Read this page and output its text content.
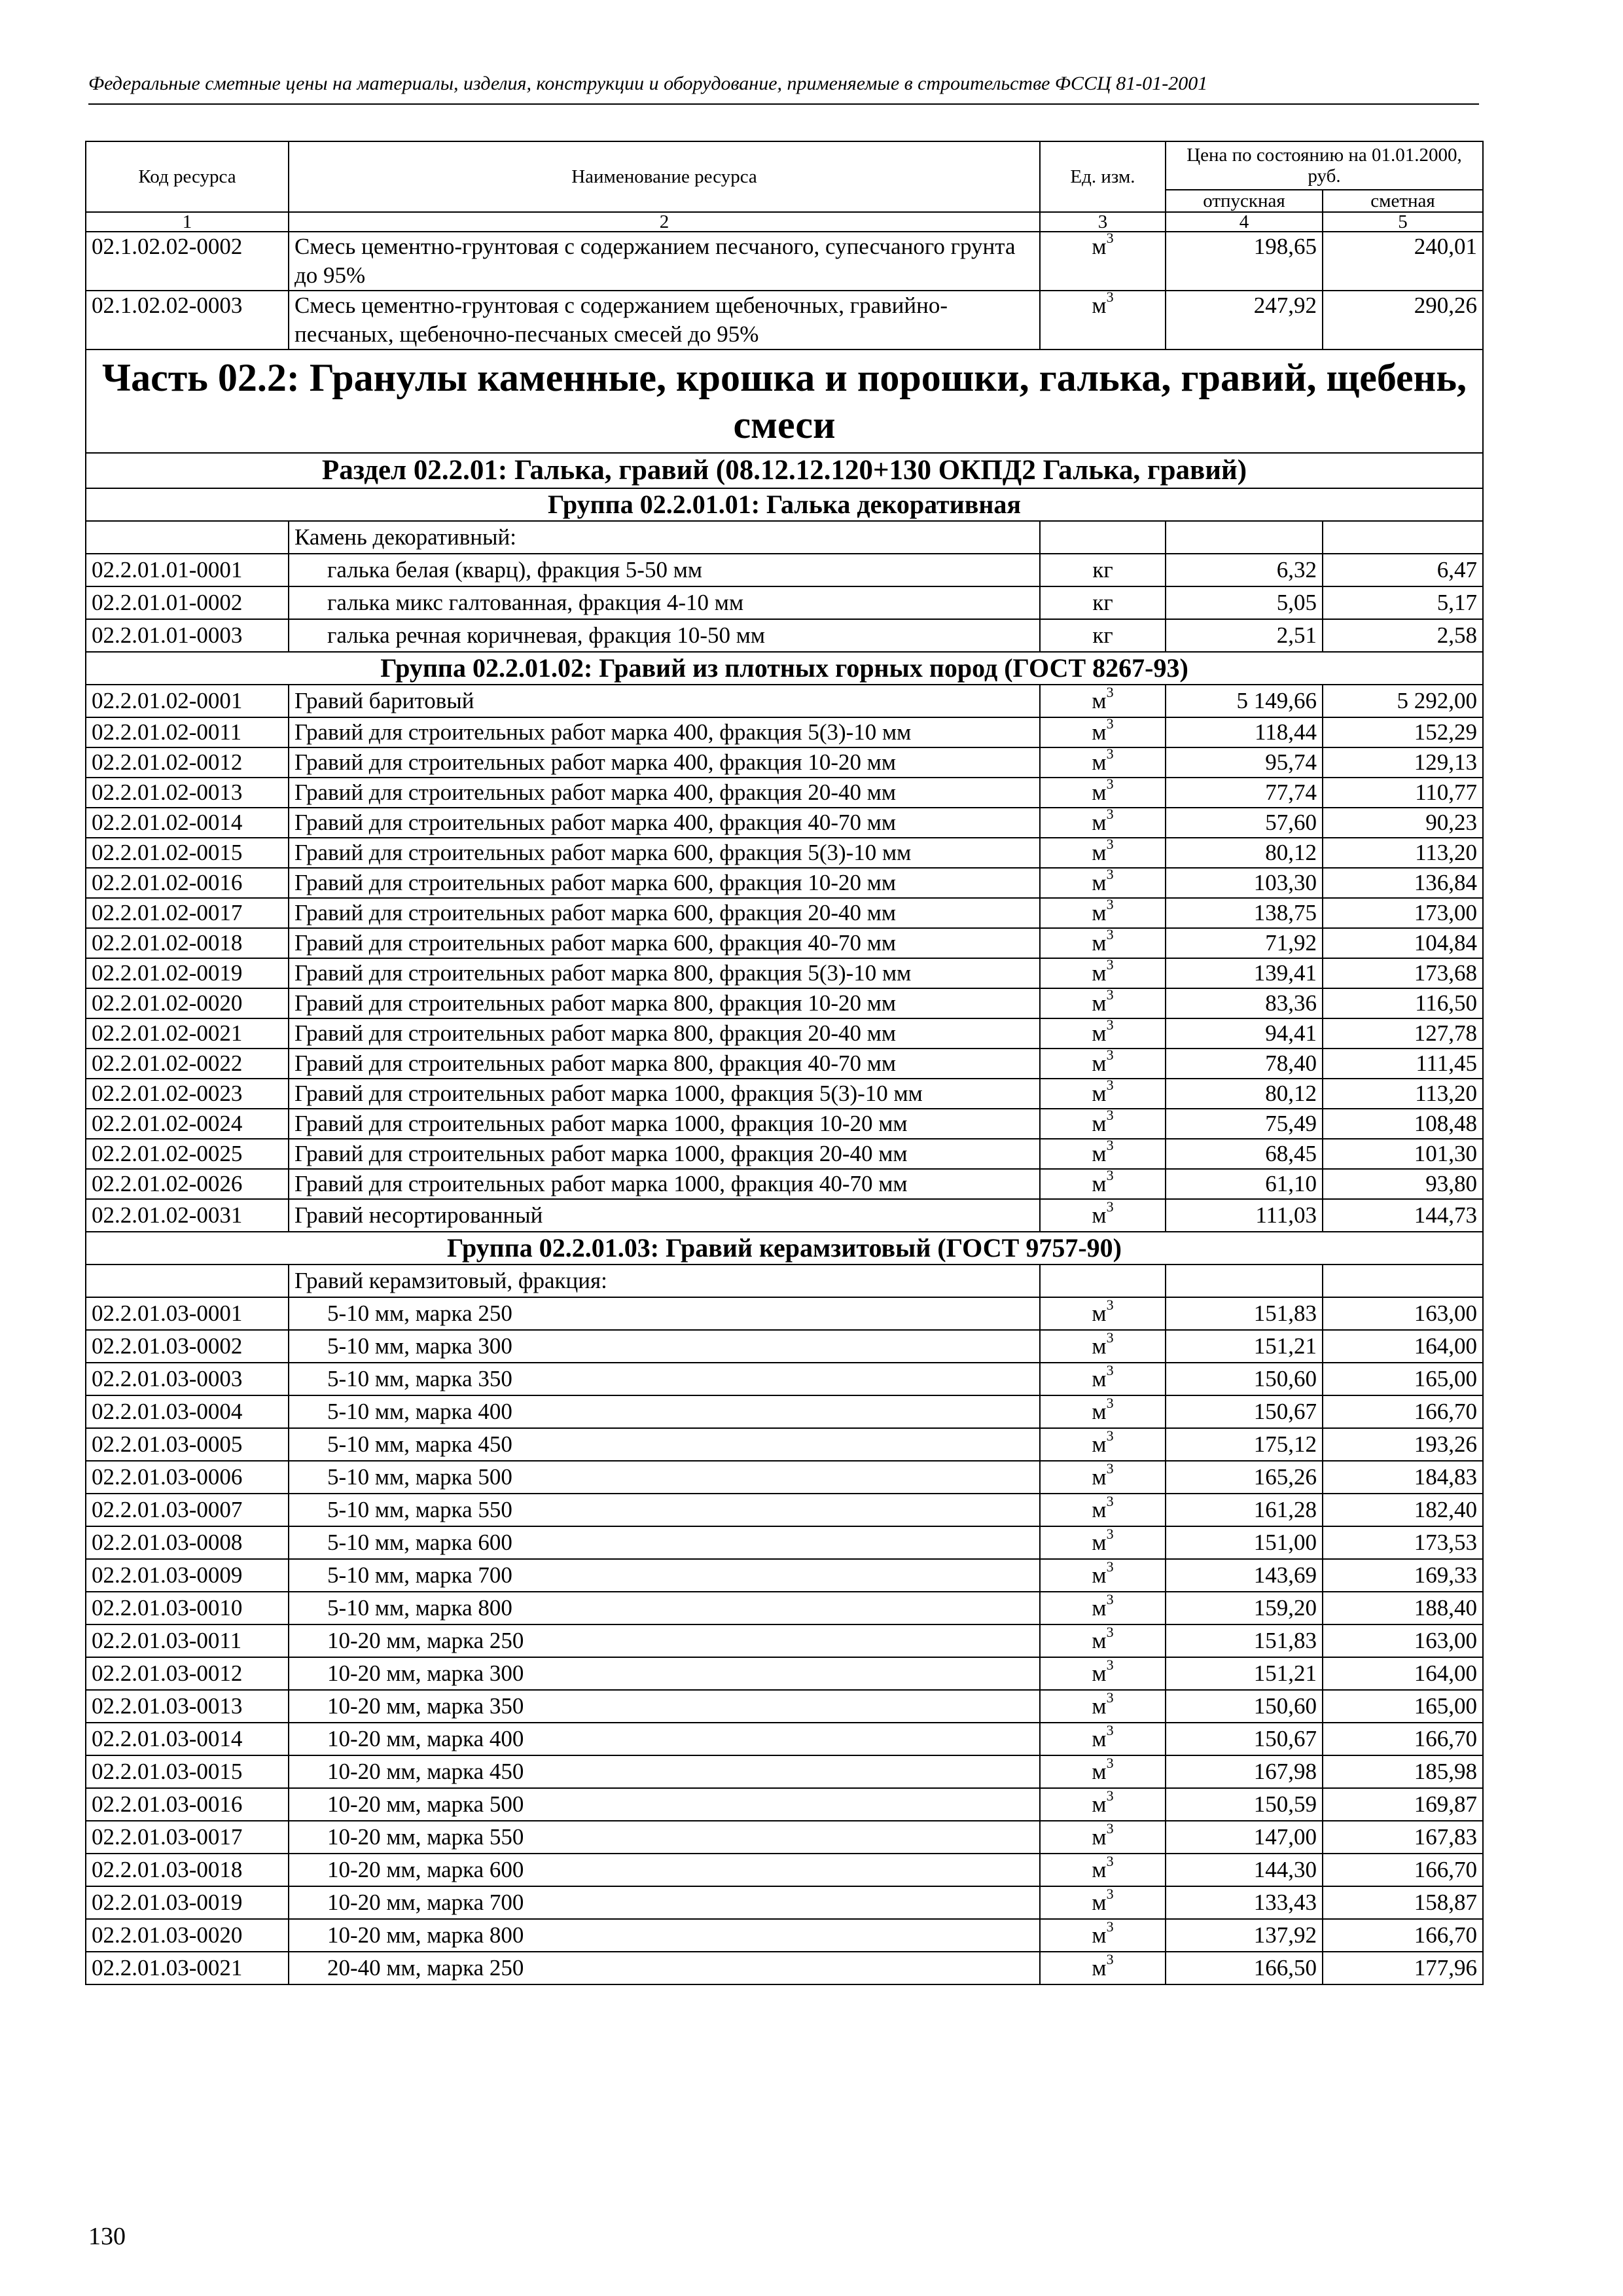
Федеральные сметные цены на материалы, изделия, конструкции и оборудование, применяемые в строительстве ФССЦ 81-01-2001
Код ресурса	Наименование ресурса	Ед. изм.	Цена по состоянию на 01.01.2000, руб.	
			отпускная	сметная
1	2	3	4	5
02.1.02.02-0002	Смесь цементно-грунтовая с содержанием песчаного, супесчаного грунта до 95%	$м^3$	198,65	240,01
02.1.02.02-0003	Смесь цементно-грунтовая с содержанием щебеночных, гравийно-песчаных, щебеночно-песчаных смесей до 95%	$м^3$	247,92	290,26
Часть 02.2: Гранулы каменные, крошка и порошки, галька, гравий, щебень, смеси				
Раздел 02.2.01: Галька, гравий (08.12.12.120+130 ОКПД2 Галька, гравий)				
Группа 02.2.01.01: Галька декоративная				
	Камень декоративный:			
02.2.01.01-0001	галька белая (кварц), фракция 5-50 мм	кг	6,32	6,47
02.2.01.01-0002	галька микс галтованная, фракция 4-10 мм	кг	5,05	5,17
02.2.01.01-0003	галька речная коричневая, фракция 10-50 мм	кг	2,51	2,58
Группа 02.2.01.02: Гравий из плотных горных пород (ГОСТ 8267-93)				
02.2.01.02-0001	Гравий баритовый	$м^3$	5 149,66	5 292,00
02.2.01.02-0011	Гравий для строительных работ марка 400, фракция 5(3)-10 мм	$м^3$	118,44	152,29
02.2.01.02-0012	Гравий для строительных работ марка 400, фракция 10-20 мм	$м^3$	95,74	129,13
02.2.01.02-0013	Гравий для строительных работ марка 400, фракция 20-40 мм	$м^3$	77,74	110,77
02.2.01.02-0014	Гравий для строительных работ марка 400, фракция 40-70 мм	$м^3$	57,60	90,23
02.2.01.02-0015	Гравий для строительных работ марка 600, фракция 5(3)-10 мм	$м^3$	80,12	113,20
02.2.01.02-0016	Гравий для строительных работ марка 600, фракция 10-20 мм	$м^3$	103,30	136,84
02.2.01.02-0017	Гравий для строительных работ марка 600, фракция 20-40 мм	$м^3$	138,75	173,00
02.2.01.02-0018	Гравий для строительных работ марка 600, фракция 40-70 мм	$м^3$	71,92	104,84
02.2.01.02-0019	Гравий для строительных работ марка 800, фракция 5(3)-10 мм	$м^3$	139,41	173,68
02.2.01.02-0020	Гравий для строительных работ марка 800, фракция 10-20 мм	$м^3$	83,36	116,50
02.2.01.02-0021	Гравий для строительных работ марка 800, фракция 20-40 мм	$м^3$	94,41	127,78
02.2.01.02-0022	Гравий для строительных работ марка 800, фракция 40-70 мм	$м^3$	78,40	111,45
02.2.01.02-0023	Гравий для строительных работ марка 1000, фракция 5(3)-10 мм	$м^3$	80,12	113,20
02.2.01.02-0024	Гравий для строительных работ марка 1000, фракция 10-20 мм	$м^3$	75,49	108,48
02.2.01.02-0025	Гравий для строительных работ марка 1000, фракция 20-40 мм	$м^3$	68,45	101,30
02.2.01.02-0026	Гравий для строительных работ марка 1000, фракция 40-70 мм	$м^3$	61,10	93,80
02.2.01.02-0031	Гравий несортированный	$м^3$	111,03	144,73
Группа 02.2.01.03: Гравий керамзитовый (ГОСТ 9757-90)				
	Гравий керамзитовый, фракция:			
02.2.01.03-0001	5-10 мм, марка 250	$м^3$	151,83	163,00
02.2.01.03-0002	5-10 мм, марка 300	$м^3$	151,21	164,00
02.2.01.03-0003	5-10 мм, марка 350	$м^3$	150,60	165,00
02.2.01.03-0004	5-10 мм, марка 400	$м^3$	150,67	166,70
02.2.01.03-0005	5-10 мм, марка 450	$м^3$	175,12	193,26
02.2.01.03-0006	5-10 мм, марка 500	$м^3$	165,26	184,83
02.2.01.03-0007	5-10 мм, марка 550	$м^3$	161,28	182,40
02.2.01.03-0008	5-10 мм, марка 600	$м^3$	151,00	173,53
02.2.01.03-0009	5-10 мм, марка 700	$м^3$	143,69	169,33
02.2.01.03-0010	5-10 мм, марка 800	$м^3$	159,20	188,40
02.2.01.03-0011	10-20 мм, марка 250	$м^3$	151,83	163,00
02.2.01.03-0012	10-20 мм, марка 300	$м^3$	151,21	164,00
02.2.01.03-0013	10-20 мм, марка 350	$м^3$	150,60	165,00
02.2.01.03-0014	10-20 мм, марка 400	$м^3$	150,67	166,70
02.2.01.03-0015	10-20 мм, марка 450	$м^3$	167,98	185,98
02.2.01.03-0016	10-20 мм, марка 500	$м^3$	150,59	169,87
02.2.01.03-0017	10-20 мм, марка 550	$м^3$	147,00	167,83
02.2.01.03-0018	10-20 мм, марка 600	$м^3$	144,30	166,70
02.2.01.03-0019	10-20 мм, марка 700	$м^3$	133,43	158,87
02.2.01.03-0020	10-20 мм, марка 800	$м^3$	137,92	166,70
02.2.01.03-0021	20-40 мм, марка 250	$м^3$	166,50	177,96
130
